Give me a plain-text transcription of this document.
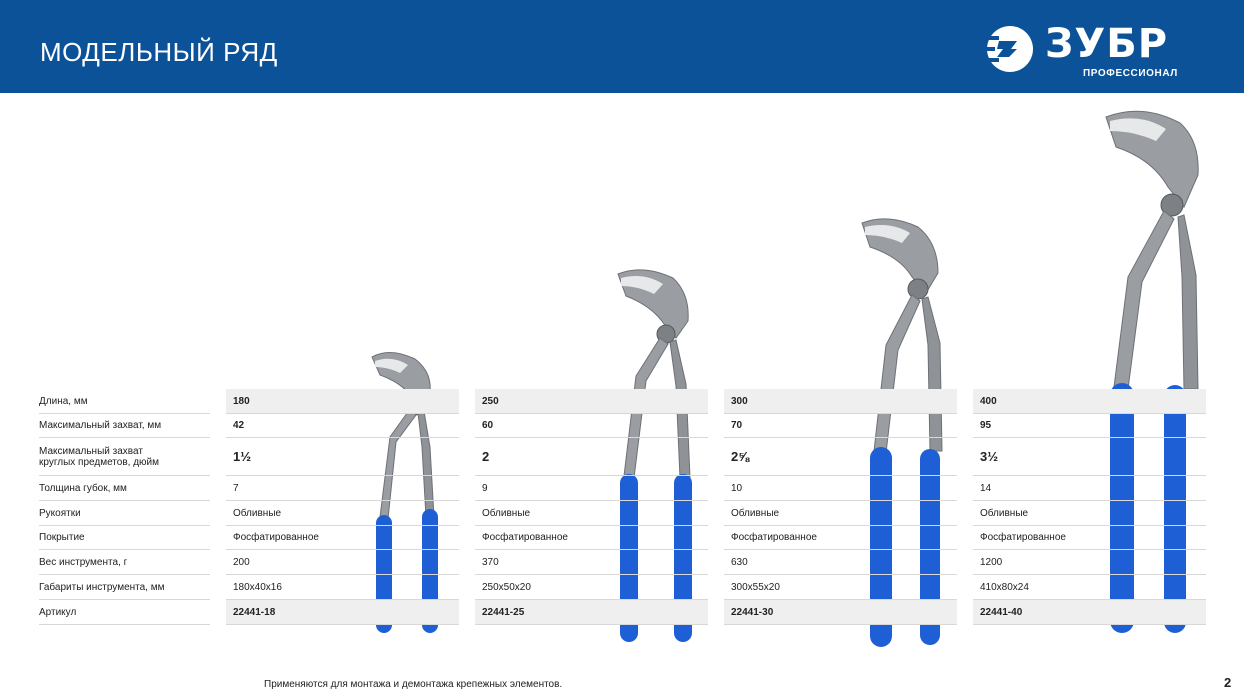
МОДЕЛЬНЫЙ РЯД	ЗУБР
ПРОФЕССИОНАЛ
Длина, мм
Максимальный захват, мм
Максимальный захват
круглых предметов, дюйм
Толщина губок, мм
Рукоятки
Покрытие
Вес инструмента, г
Габариты инструмента, мм
Артикул
180
42
1½
7
Обливные
Фосфатированное
200
180x40x16
22441-18
250
60
2
9
Обливные
Фосфатированное
370
250x50x20
22441-25
300
70
2⅝
10
Обливные
Фосфатированное
630
300x55x20
22441-30
400
95
3½
14
Обливные
Фосфатированное
1200
410x80x24
22441-40
Применяются для монтажа и демонтажа крепежных элементов.	2
